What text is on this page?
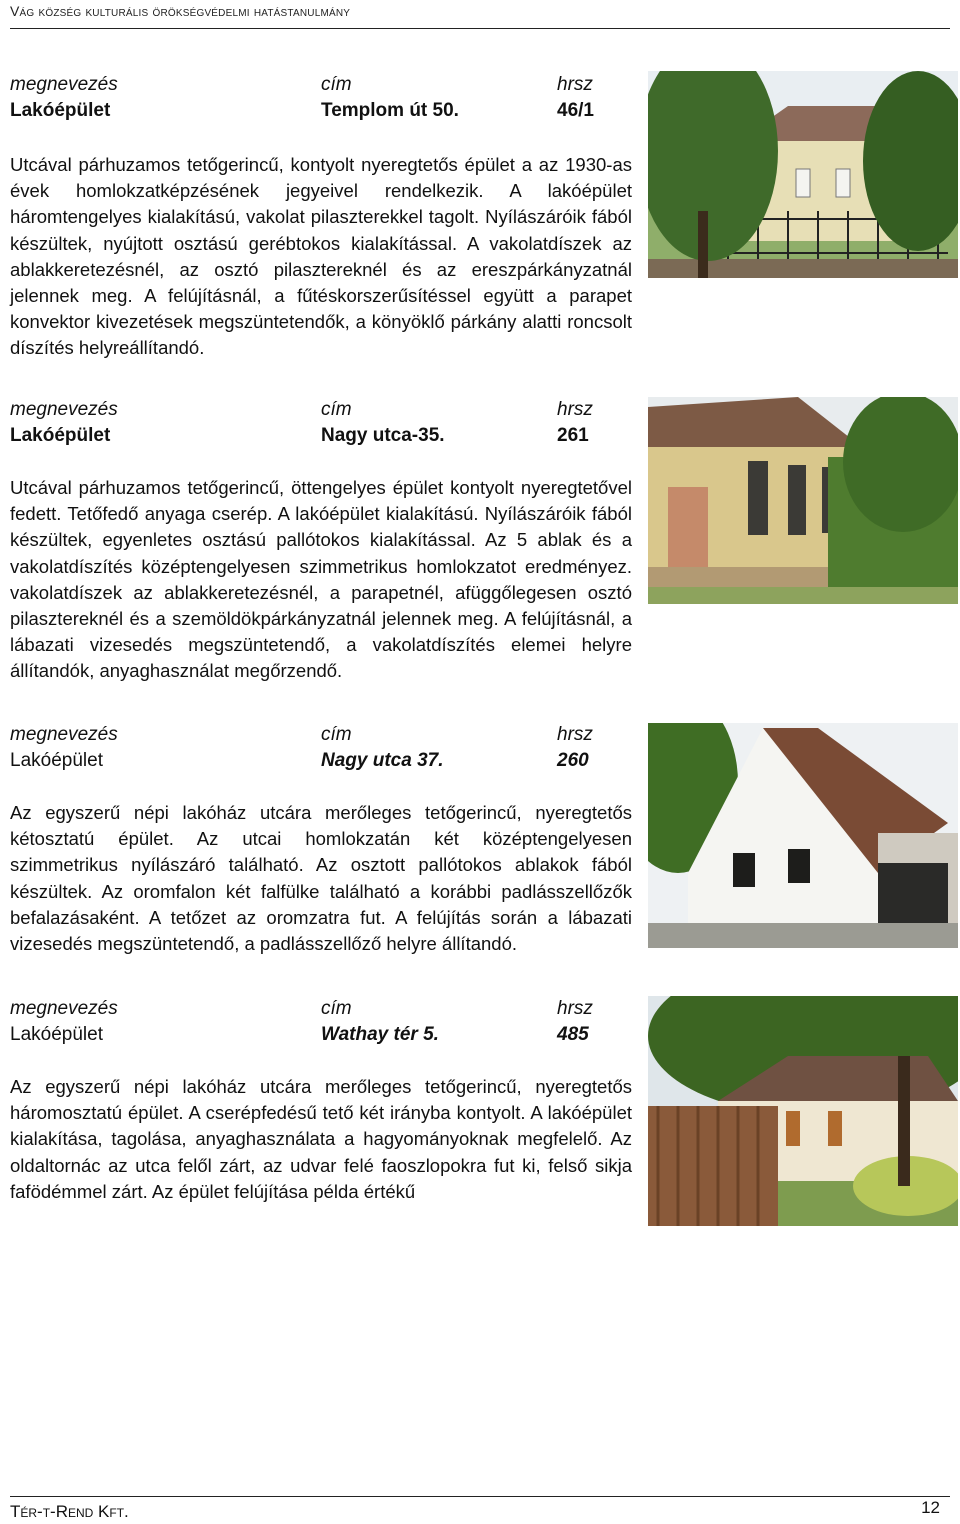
Vág község kulturális örökségvédelmi hatástanulmány
megnevezés	cím	hrsz
Lakóépület	Templom út 50.	46/1
Utcával párhuzamos tetőgerincű, kontyolt nyeregtetős épület a az 1930-as évek homlokzatképzésének jegyeivel rendelkezik. A lakóépület háromtengelyes kialakítású, vakolat pilaszterekkel tagolt. Nyílászáróik fából készültek, nyújtott osztású gerébtokos kialakítással. A vakolatdíszek az ablakkeretezésnél, az osztó pilasztereknél és az ereszpárkányzatnál jelennek meg. A felújításnál, a fűtéskorszerűsítéssel együtt a parapet konvektor kivezetések megszüntetendők, a könyöklő párkány alatti roncsolt díszítés helyreállítandó.
megnevezés	cím	hrsz
Lakóépület	Nagy utca-35.	261
Utcával párhuzamos tetőgerincű, öttengelyes épület kontyolt nyeregtetővel fedett. Tetőfedő anyaga cserép. A lakóépület kialakítású. Nyílászáróik fából készültek, egyenletes osztású pallótokos kialakítással. Az 5 ablak és a vakolatdíszítés középtengelyesen szimmetrikus homlokzatot eredményez. vakolatdíszek az ablakkeretezésnél, a parapetnél, afüggőlegesen osztó pilasztereknél és a szemöldökpárkányzatnál jelennek meg. A felújításnál, a lábazati vizesedés megszüntetendő, a vakolatdíszítés elemei helyre állítandók, anyaghasználat megőrzendő.
megnevezés	cím	hrsz
Lakóépület	Nagy utca 37.	260
Az egyszerű népi lakóház utcára merőleges tetőgerincű, nyeregtetős kétosztatú épület. Az utcai homlokzatán két középtengelyesen szimmetrikus nyílászáró található. Az osztott pallótokos ablakok fából készültek. Az oromfalon két falfülke található a korábbi padlásszellőzők befalazásaként. A tetőzet az oromzatra fut. A felújítás során a lábazati vizesedés megszüntetendő, a padlásszellőző helyre állítandó.
megnevezés	cím	hrsz
Lakóépület	Wathay tér 5.	485
Az egyszerű népi lakóház utcára merőleges tetőgerincű, nyeregtetős háromosztatú épület. A cserépfedésű tető két irányba kontyolt. A lakóépület kialakítása, tagolása, anyaghasználata a hagyományoknak megfelelő. Az oldaltornác az utca felől zárt, az udvar felé faoszlopokra fut ki, felső sikja fafödémmel zárt. Az épület felújítása példa értékű
Tér-t-Rend Kft.	12
